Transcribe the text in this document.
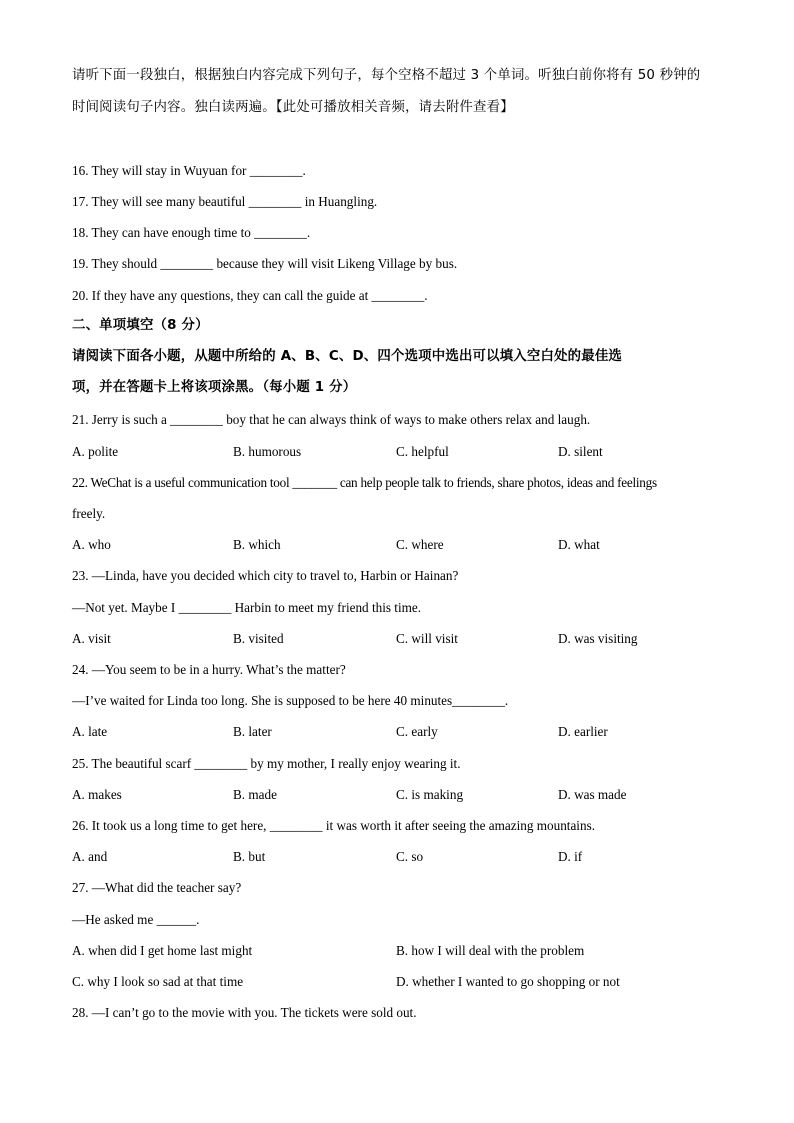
请听下面一段独白，根据独白内容完成下列句子，每个空格不超过 3 个单词。听独白前你将有 50 秒钟的
时间阅读句子内容。独白读两遍。【此处可播放相关音频，请去附件查看】
16. They will stay in Wuyuan for ________.
17. They will see many beautiful ________ in Huangling.
18. They can have enough time to ________.
19. They should ________ because they will visit Likeng Village by bus.
20. If they have any questions, they can call the guide at ________.
二、单项填空（8 分）
请阅读下面各小题，从题中所给的 A、B、C、D、四个选项中选出可以填入空白处的最佳选
项，并在答题卡上将该项涂黑。（每小题 1 分）
21. Jerry is such a ________ boy that he can always think of ways to make others relax and laugh.
A. polite	B. humorous	C. helpful	D. silent
22. WeChat is a useful communication tool _______ can help people talk to friends, share photos, ideas and feelings
freely.
A. who	B. which	C. where	D. what
23. —Linda, have you decided which city to travel to, Harbin or Hainan?
—Not yet. Maybe I ________ Harbin to meet my friend this time.
A. visit	B. visited	C. will visit	D. was visiting
24. —You seem to be in a hurry. What’s the matter?
—I’ve waited for Linda too long. She is supposed to be here 40 minutes________.
A. late	B. later	C. early	D. earlier
25. The beautiful scarf ________ by my mother, I really enjoy wearing it.
A. makes	B. made	C. is making	D. was made
26. It took us a long time to get here, ________ it was worth it after seeing the amazing mountains.
A. and	B. but	C. so	D. if
27. —What did the teacher say?
—He asked me ______.
A. when did I get home last might	B. how I will deal with the problem
C. why I look so sad at that time	D. whether I wanted to go shopping or not
28. —I can’t go to the movie with you. The tickets were sold out.
